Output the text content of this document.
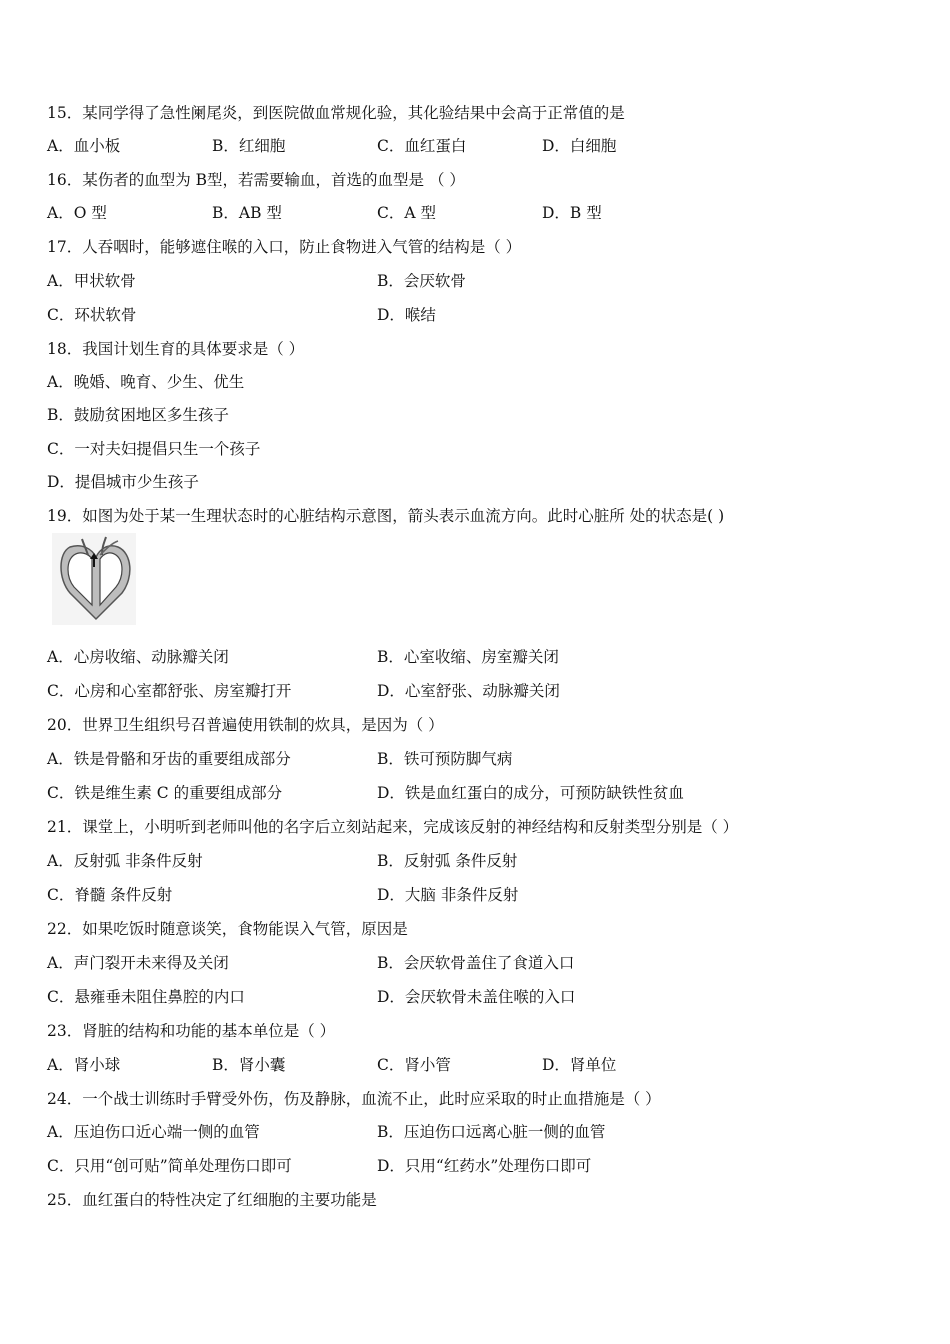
15．某同学得了急性阑尾炎，到医院做血常规化验，其化验结果中会高于正常值的是
A．血小板	B．红细胞	C．血红蛋白	D．白细胞
16．某伤者的血型为 B型，若需要输血，首选的血型是 （ ）
A．O 型	B．AB 型	C．A 型	D．B 型
17．人吞咽时，能够遮住喉的入口，防止食物进入气管的结构是（ ）
A．甲状软骨	B．会厌软骨
C．环状软骨	D．喉结
18．我国计划生育的具体要求是（ ）
A．晚婚、晚育、少生、优生
B．鼓励贫困地区多生孩子
C．一对夫妇提倡只生一个孩子
D．提倡城市少生孩子
19．如图为处于某一生理状态时的心脏结构示意图，箭头表示血流方向。此时心脏所 处的状态是( )
A．心房收缩、动脉瓣关闭	B．心室收缩、房室瓣关闭
C．心房和心室都舒张、房室瓣打开	D．心室舒张、动脉瓣关闭
20．世界卫生组织号召普遍使用铁制的炊具，是因为（ ）
A．铁是骨骼和牙齿的重要组成部分	B．铁可预防脚气病
C．铁是维生素 C 的重要组成部分	D．铁是血红蛋白的成分，可预防缺铁性贫血
21．课堂上，小明听到老师叫他的名字后立刻站起来，完成该反射的神经结构和反射类型分别是（ ）
A．反射弧 非条件反射	B．反射弧 条件反射
C．脊髓 条件反射	D．大脑 非条件反射
22．如果吃饭时随意谈笑，食物能误入气管，原因是
A．声门裂开未来得及关闭	B．会厌软骨盖住了食道入口
C．悬雍垂未阻住鼻腔的内口	D．会厌软骨未盖住喉的入口
23．肾脏的结构和功能的基本单位是（ ）
A．肾小球	B．肾小囊	C．肾小管	D．肾单位
24．一个战士训练时手臂受外伤，伤及静脉，血流不止，此时应采取的时止血措施是（ ）
A．压迫伤口近心端一侧的血管	B．压迫伤口远离心脏一侧的血管
C．只用“创可贴”简单处理伤口即可	D．只用“红药水”处理伤口即可
25．血红蛋白的特性决定了红细胞的主要功能是
